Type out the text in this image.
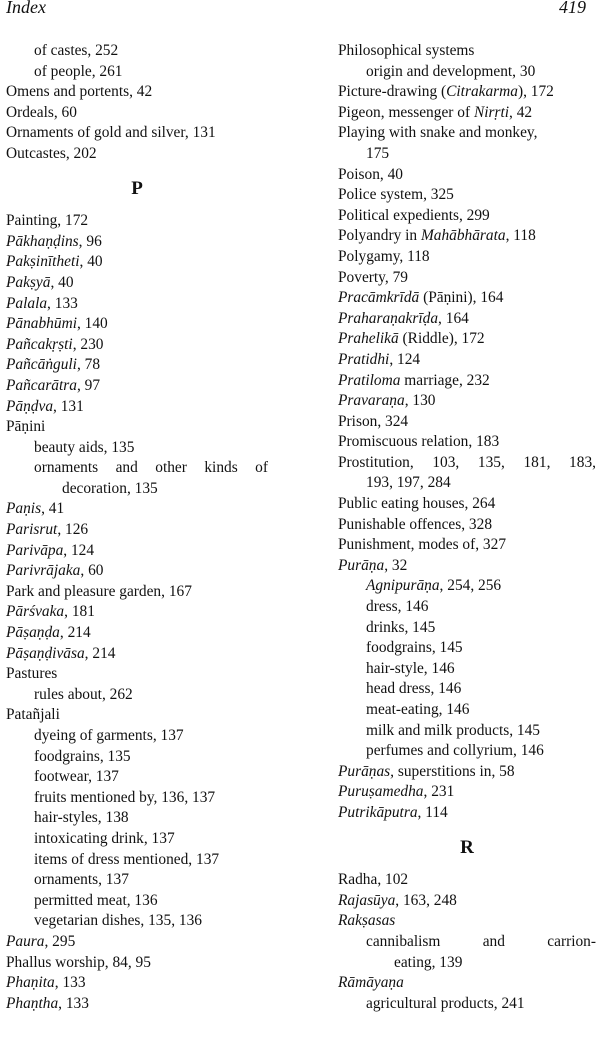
Index	419
of castes, 252
of people, 261
Omens and portents, 42
Ordeals, 60
Ornaments of gold and silver, 131
Outcastes, 202
P
Painting, 172
Pākhaṇḍins, 96
Pakṣinītheti, 40
Pakṣyā, 40
Palala, 133
Pānabhūmi, 140
Pañcakṛṣti, 230
Pañcāṅguli, 78
Pañcarātra, 97
Pāṇḍva, 131
Pāṇini
beauty aids, 135
ornaments and other kinds of
decoration, 135
Paṇis, 41
Parisrut, 126
Parivāpa, 124
Parivrājaka, 60
Park and pleasure garden, 167
Pārśvaka, 181
Pāṣaṇḍa, 214
Pāṣaṇḍivāsa, 214
Pastures
rules about, 262
Patañjali
dyeing of garments, 137
foodgrains, 135
footwear, 137
fruits mentioned by, 136, 137
hair-styles, 138
intoxicating drink, 137
items of dress mentioned, 137
ornaments, 137
permitted meat, 136
vegetarian dishes, 135, 136
Paura, 295
Phallus worship, 84, 95
Phaṇita, 133
Phaṇtha, 133
Philosophical systems
origin and development, 30
Picture-drawing (Citrakarma), 172
Pigeon, messenger of Nirṛti, 42
Playing with snake and monkey,
175
Poison, 40
Police system, 325
Political expedients, 299
Polyandry in Mahābhārata, 118
Polygamy, 118
Poverty, 79
Pracāmkrīdā (Pāṇini), 164
Praharaṇakrīḍa, 164
Prahelikā (Riddle), 172
Pratidhi, 124
Pratiloma marriage, 232
Pravaraṇa, 130
Prison, 324
Promiscuous relation, 183
Prostitution, 103, 135, 181, 183,
193, 197, 284
Public eating houses, 264
Punishable offences, 328
Punishment, modes of, 327
Purāṇa, 32
Agnipurāṇa, 254, 256
dress, 146
drinks, 145
foodgrains, 145
hair-style, 146
head dress, 146
meat-eating, 146
milk and milk products, 145
perfumes and collyrium, 146
Purāṇas, superstitions in, 58
Puruṣamedha, 231
Putrikāputra, 114
R
Radha, 102
Rajasūya, 163, 248
Rakṣasas
cannibalism and carrion-
eating, 139
Rāmāyaṇa
agricultural products, 241
